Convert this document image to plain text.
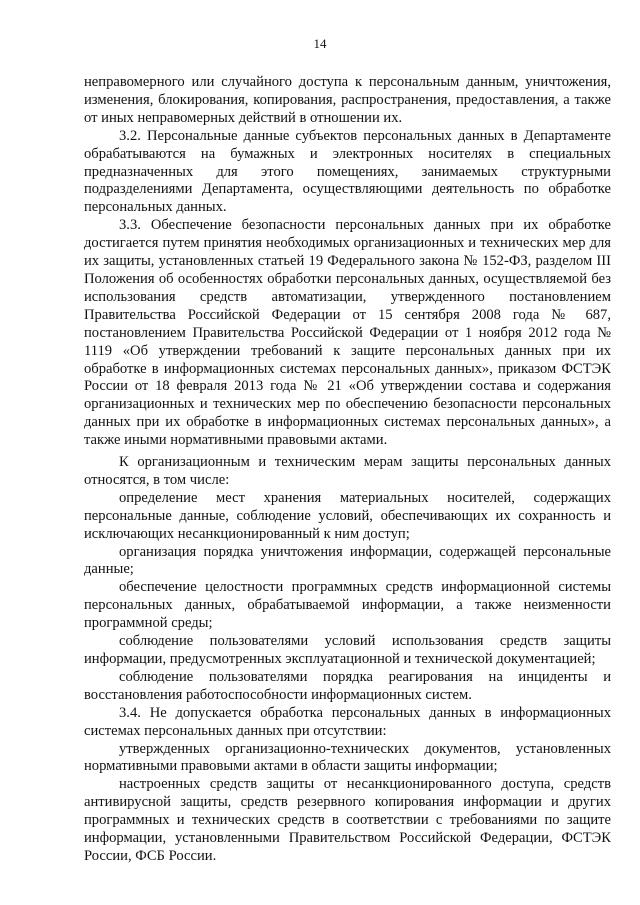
14

неправомерного или случайного доступа к персональным данным, уничтожения, изменения, блокирования, копирования, распространения, предоставления, а также от иных неправомерных действий в отношении их.

3.2. Персональные данные субъектов персональных данных в Департаменте обрабатываются на бумажных и электронных носителях в специальных предназначенных для этого помещениях, занимаемых структурными подразделениями Департамента, осуществляющими деятельность по обработке персональных данных.

3.3. Обеспечение безопасности персональных данных при их обработке достигается путем принятия необходимых организационных и технических мер для их защиты, установленных статьей 19 Федерального закона № 152-ФЗ, разделом III Положения об особенностях обработки персональных данных, осуществляемой без использования средств автоматизации, утвержденного постановлением Правительства Российской Федерации от 15 сентября 2008 года № 687, постановлением Правительства Российской Федерации от 1 ноября 2012 года № 1119 «Об утверждении требований к защите персональных данных при их обработке в информационных системах персональных данных», приказом ФСТЭК России от 18 февраля 2013 года № 21 «Об утверждении состава и содержания организационных и технических мер по обеспечению безопасности персональных данных при их обработке в информационных системах персональных данных», а также иными нормативными правовыми актами.

К организационным и техническим мерам защиты персональных данных относятся, в том числе:

определение мест хранения материальных носителей, содержащих персональные данные, соблюдение условий, обеспечивающих их сохранность и исключающих несанкционированный к ним доступ;

организация порядка уничтожения информации, содержащей персональные данные;

обеспечение целостности программных средств информационной системы персональных данных, обрабатываемой информации, а также неизменности программной среды;

соблюдение пользователями условий использования средств защиты информации, предусмотренных эксплуатационной и технической документацией;

соблюдение пользователями порядка реагирования на инциденты и восстановления работоспособности информационных систем.

3.4. Не допускается обработка персональных данных в информационных системах персональных данных при отсутствии:

утвержденных организационно-технических документов, установленных нормативными правовыми актами в области защиты информации;

настроенных средств защиты от несанкционированного доступа, средств антивирусной защиты, средств резервного копирования информации и других программных и технических средств в соответствии с требованиями по защите информации, установленными Правительством Российской Федерации, ФСТЭК России, ФСБ России.
